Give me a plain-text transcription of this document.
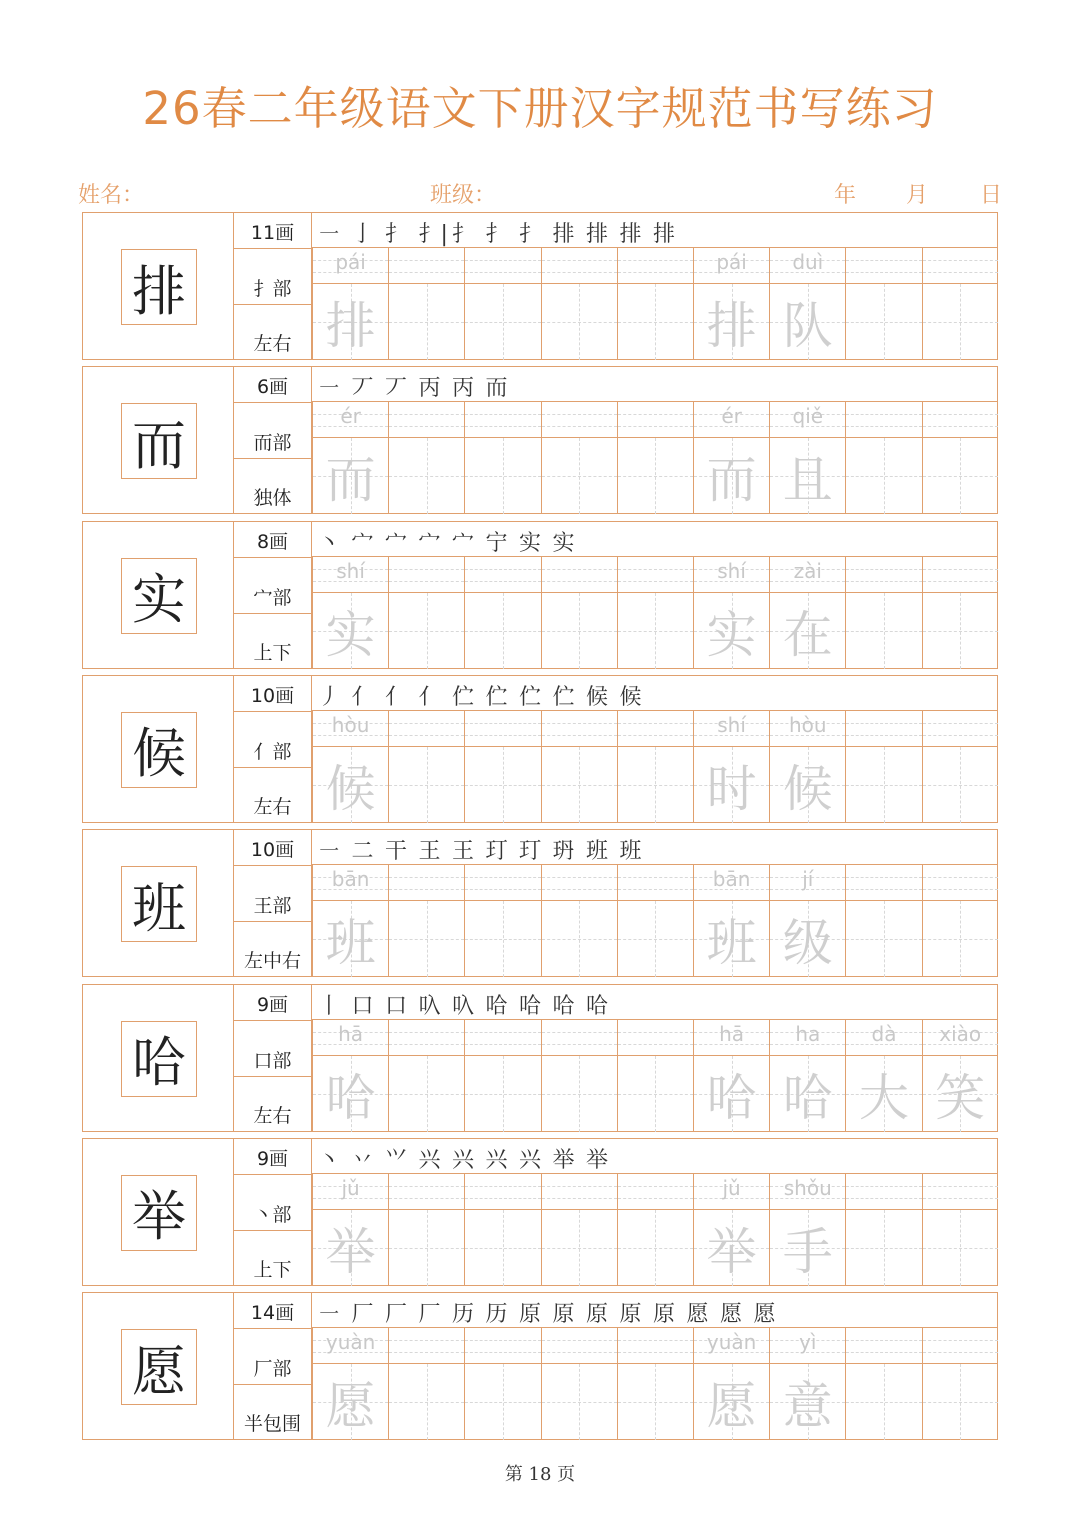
26春二年级语文下册汉字规范书写练习
姓名：	班级：	年 月 日
排
11画
扌部
左右
㇐ 亅 扌 扌| 扌 扌 扌 排 排 排 排
pái
排
pái
排
duì
队
而
6画
而部
独体
㇐ 丆 丆 丙 丙 而
ér
而
ér
而
qiě
且
实
8画
宀部
上下
丶 宀 宀 宀 宀 宁 实 实
shí
实
shí
实
zài
在
候
10画
亻部
左右
丿 亻 亻 亻 伫 伫 伫 伫 候 候
hòu
候
shí
时
hòu
候
班
10画
王部
左中右
㇐ 二 干 王 王 玎 玎 玬 班 班
bān
班
bān
班
jí
级
哈
9画
口部
左右
丨 口 口 叺 叺 哈 哈 哈 哈
hā
哈
hā
哈
ha
哈
dà
大
xiào
笑
举
9画
丶部
上下
丶 丷 ⺍ 兴 兴 兴 兴 举 举
jǔ
举
jǔ
举
shǒu
手
愿
14画
厂部
半包围
㇐ 厂 厂 厂 历 历 原 原 原 原 原 愿 愿 愿
yuàn
愿
yuàn
愿
yì
意
第 18 页
